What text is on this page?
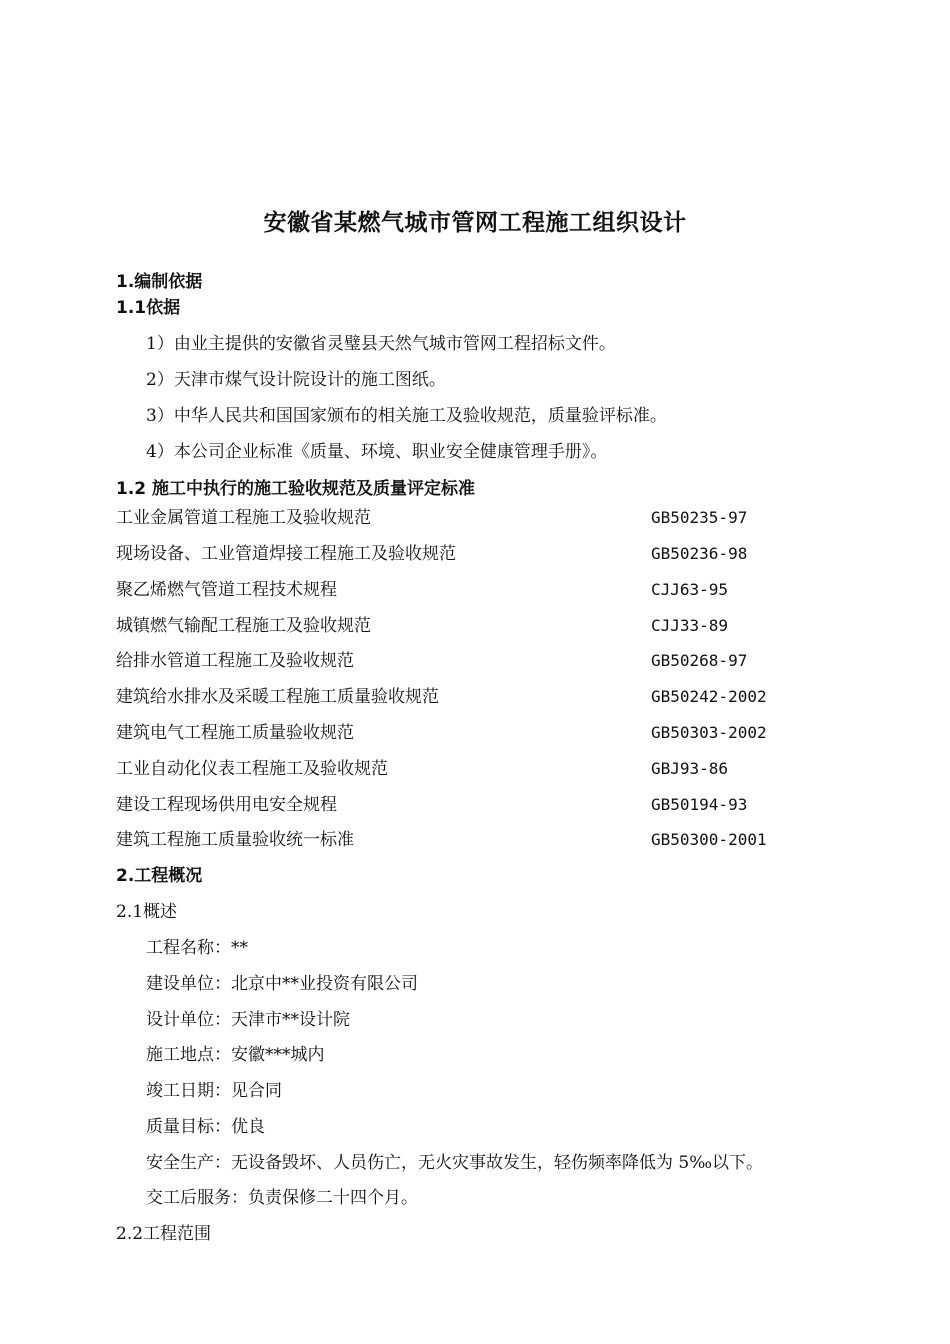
安徽省某燃气城市管网工程施工组织设计
1.编制依据
1.1依据
1）由业主提供的安徽省灵璧县天然气城市管网工程招标文件。
2）天津市煤气设计院设计的施工图纸。
3）中华人民共和国国家颁布的相关施工及验收规范，质量验评标准。
4）本公司企业标准《质量、环境、职业安全健康管理手册》。
1.2 施工中执行的施工验收规范及质量评定标准
工业金属管道工程施工及验收规范	GB50235-97
现场设备、工业管道焊接工程施工及验收规范	GB50236-98
聚乙烯燃气管道工程技术规程	CJJ63-95
城镇燃气输配工程施工及验收规范	CJJ33-89
给排水管道工程施工及验收规范	GB50268-97
建筑给水排水及采暖工程施工质量验收规范	GB50242-2002
建筑电气工程施工质量验收规范	GB50303-2002
工业自动化仪表工程施工及验收规范	GBJ93-86
建设工程现场供用电安全规程	GB50194-93
建筑工程施工质量验收统一标准	GB50300-2001
2.工程概况
2.1概述
工程名称：**
建设单位：北京中**业投资有限公司
设计单位：天津市**设计院
施工地点：安徽***城内
竣工日期：见合同
质量目标：优良
安全生产：无设备毁坏、人员伤亡，无火灾事故发生，轻伤频率降低为 5‰以下。
交工后服务：负责保修二十四个月。
2.2工程范围
